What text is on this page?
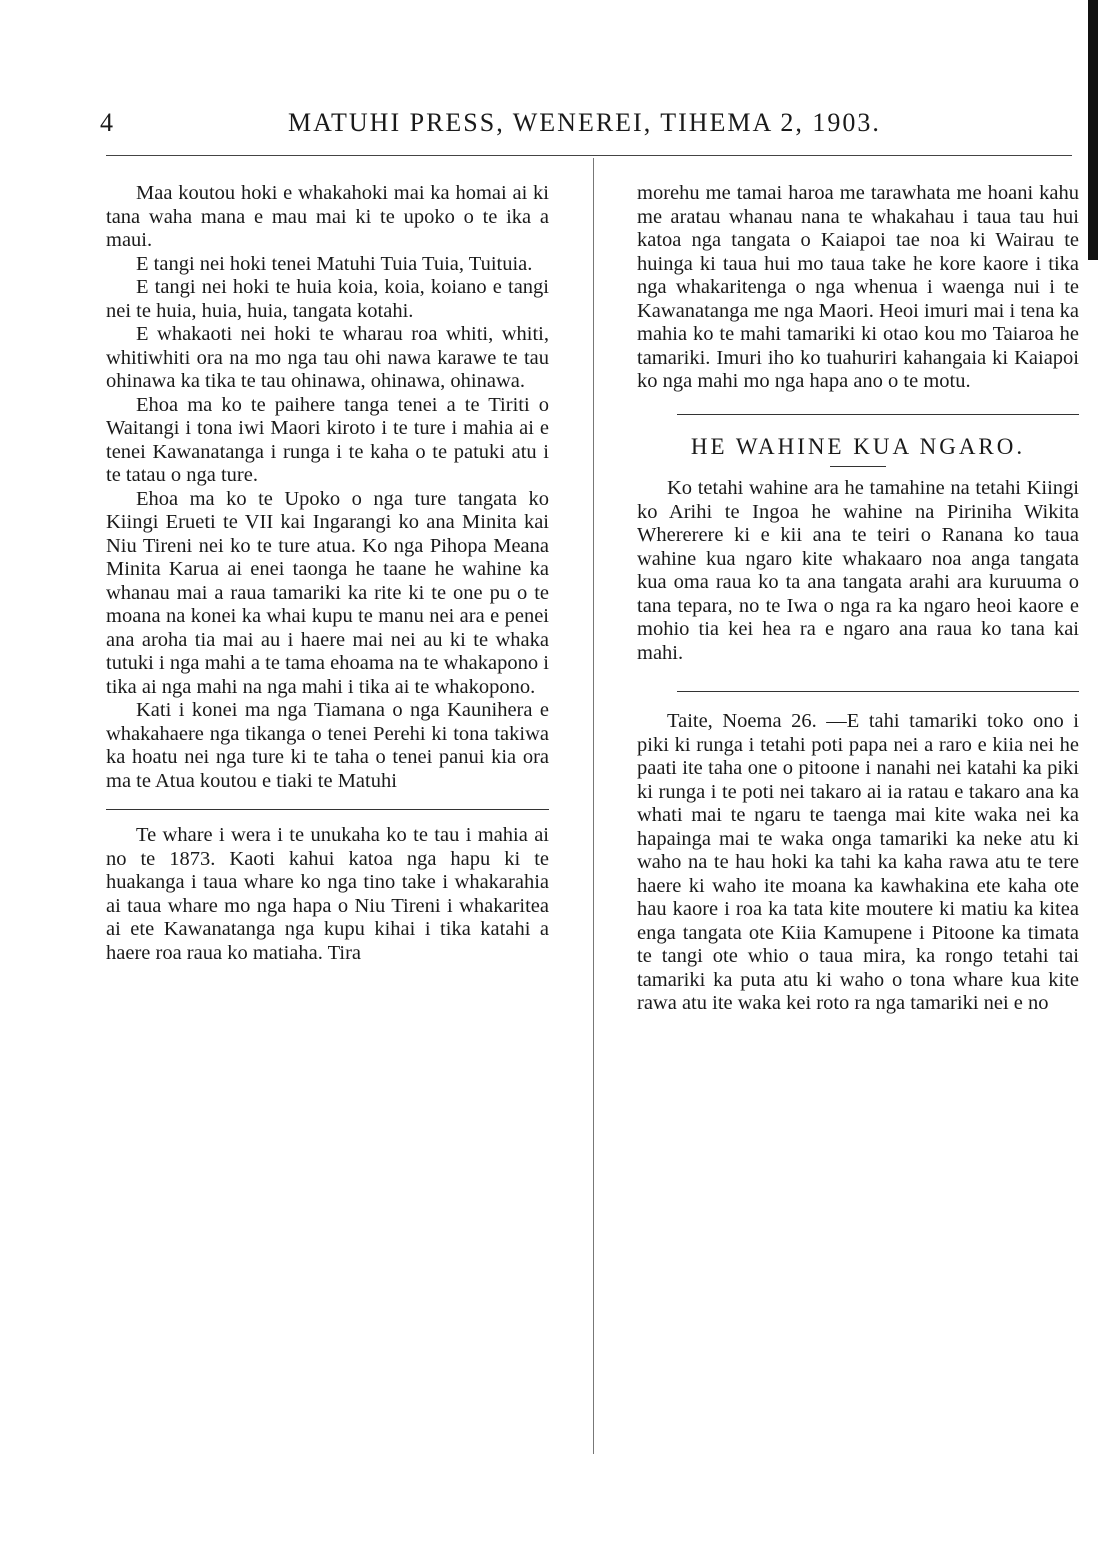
4	MATUHI PRESS, WENEREI, TIHEMA 2, 1903.

Maa koutou hoki e whakahoki mai ka homai ai ki tana waha mana e mau mai ki te upoko o te ika a maui.

E tangi nei hoki tenei Matuhi Tuia Tuia, Tuituia.

E tangi nei hoki te huia koia, koia, koiano e tangi nei te huia, huia, huia, tangata kotahi.

E whakaoti nei hoki te wharau roa whiti, whiti, whitiwhiti ora na mo nga tau ohi nawa karawe te tau ohinawa ka tika te tau ohinawa, ohinawa, ohinawa.

Ehoa ma ko te paihere tanga tenei a te Tiriti o Waitangi i tona iwi Maori kiroto i te ture i mahia ai e tenei Kawanatanga i runga i te kaha o te patuki atu i te tatau o nga ture.

Ehoa ma ko te Upoko o nga ture tangata ko Kiingi Erueti te VII kai Ingarangi ko ana Minita kai Niu Tireni nei ko te ture atua. Ko nga Pihopa Meana Minita Karua ai enei taonga he taane he wahine ka whanau mai a raua tamariki ka rite ki te one pu o te moana na konei ka whai kupu te manu nei ara e penei ana aroha tia mai au i haere mai nei au ki te whaka tutuki i nga mahi a te tama ehoama na te whakapono i tika ai nga mahi na nga mahi i tika ai te whakopono.

Kati i konei ma nga Tiamana o nga Kaunihera e whakahaere nga tikanga o tenei Perehi ki tona takiwa ka hoatu nei nga ture ki te taha o tenei panui kia ora ma te Atua koutou e tiaki te Matuhi

Te whare i wera i te unukaha ko te tau i mahia ai no te 1873. Kaoti kahui katoa nga hapu ki te huakanga i taua whare ko nga tino take i whakarahia ai taua whare mo nga hapa o Niu Tireni i whakaritea ai ete Kawanatanga nga kupu kihai i tika katahi a haere roa raua ko matiaha. Tira

morehu me tamai haroa me tarawhata me hoani kahu me aratau whanau nana te whakahau i taua tau hui katoa nga tangata o Kaiapoi tae noa ki Wairau te huinga ki taua hui mo taua take he kore kaore i tika nga whakaritenga o nga whenua i waenga nui i te Kawanatanga me nga Maori. Heoi imuri mai i tena ka mahia ko te mahi tamariki ki otao kou mo Taiaroa he tamariki. Imuri iho ko tuahuriri kahangaia ki Kaiapoi ko nga mahi mo nga hapa ano o te motu.

HE WAHINE KUA NGARO.

Ko tetahi wahine ara he tamahine na tetahi Kiingi ko Arihi te Ingoa he wahine na Piriniha Wikita Whererere ki e kii ana te teiri o Ranana ko taua wahine kua ngaro kite whakaaro noa anga tangata kua oma raua ko ta ana tangata arahi ara kuruuma o tana tepara, no te Iwa o nga ra ka ngaro heoi kaore e mohio tia kei hea ra e ngaro ana raua ko tana kai mahi.

Taite, Noema 26. —E tahi tamariki toko ono i piki ki runga i tetahi poti papa nei a raro e kiia nei he paati ite taha one o pitoone i nanahi nei katahi ka piki ki runga i te poti nei takaro ai ia ratau e takaro ana ka whati mai te ngaru te taenga mai kite waka nei ka hapainga mai te waka onga tamariki ka neke atu ki waho na te hau hoki ka tahi ka kaha rawa atu te tere haere ki waho ite moana ka kawhakina ete kaha ote hau kaore i roa ka tata kite moutere ki matiu ka kitea enga tangata ote Kiia Kamupene i Pitoone ka timata te tangi ote whio o taua mira, ka rongo tetahi tai tamariki ka puta atu ki waho o tona whare kua kite rawa atu ite waka kei roto ra nga tamariki nei e no
